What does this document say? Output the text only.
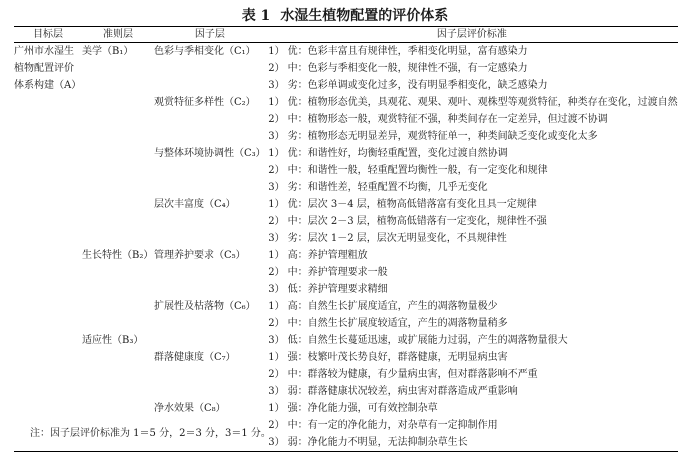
表 1 水湿生植物配置的评价体系
目标层	准则层	因子层	因子层评价标准	
广州市水湿生植物配置评价体系构建（A）	美学（B₁）	色彩与季相变化（C₁）	1）	优：色彩丰富且有规律性，季相变化明显，富有感染力
			2）	中：色彩与季相变化一般，规律性不强，有一定感染力
			3）	劣：色彩单调或变化过多，没有明显季相变化，缺乏感染力
		观赏特征多样性（C₂）	1）	优：植物形态优美，具观花、观果、观叶、观株型等观赏特征，种类存在变化，过渡自然
			2）	中：植物形态一般，观赏特征不强，种类间存在一定差异，但过渡不协调
			3）	劣：植物形态无明显差异，观赏特征单一，种类间缺乏变化或变化太多
		与整体环境协调性（C₃）	1）	优：和谐性好，均衡轻重配置，变化过渡自然协调
			2）	中：和谐性一般，轻重配置均衡性一般，有一定变化和规律
			3）	劣：和谐性差，轻重配置不均衡，几乎无变化
		层次丰富度（C₄）	1）	优：层次 3－4 层，植物高低错落富有变化且具一定规律
			2）	中：层次 2－3 层，植物高低错落有一定变化，规律性不强
			3）	劣：层次 1－2 层，层次无明显变化，不具规律性
	生长特性（B₂）	管理养护要求（C₅）	1）	高：养护管理粗放
			2）	中：养护管理要求一般
			3）	低：养护管理要求精细
		扩展性及枯落物（C₆）	1）	高：自然生长扩展度适宜，产生的凋落物量极少
			2）	中：自然生长扩展度较适宜，产生的凋落物量稍多
	适应性（B₃）		3）	低：自然生长蔓延迅速，或扩展能力过弱，产生的凋落物量很大
		群落健康度（C₇）	1）	强：枝繁叶茂长势良好，群落健康，无明显病虫害
			2）	中：群落较为健康，有少量病虫害，但对群落影响不严重
			3）	弱：群落健康状况较差，病虫害对群落造成严重影响
		净水效果（C₈）	1）	强：净化能力强，可有效控制杂草
			2）	中：有一定的净化能力，对杂草有一定抑制作用
			3）	弱：净化能力不明显，无法抑制杂草生长
注：因子层评价标准为 1＝5 分，2＝3 分，3＝1 分。
